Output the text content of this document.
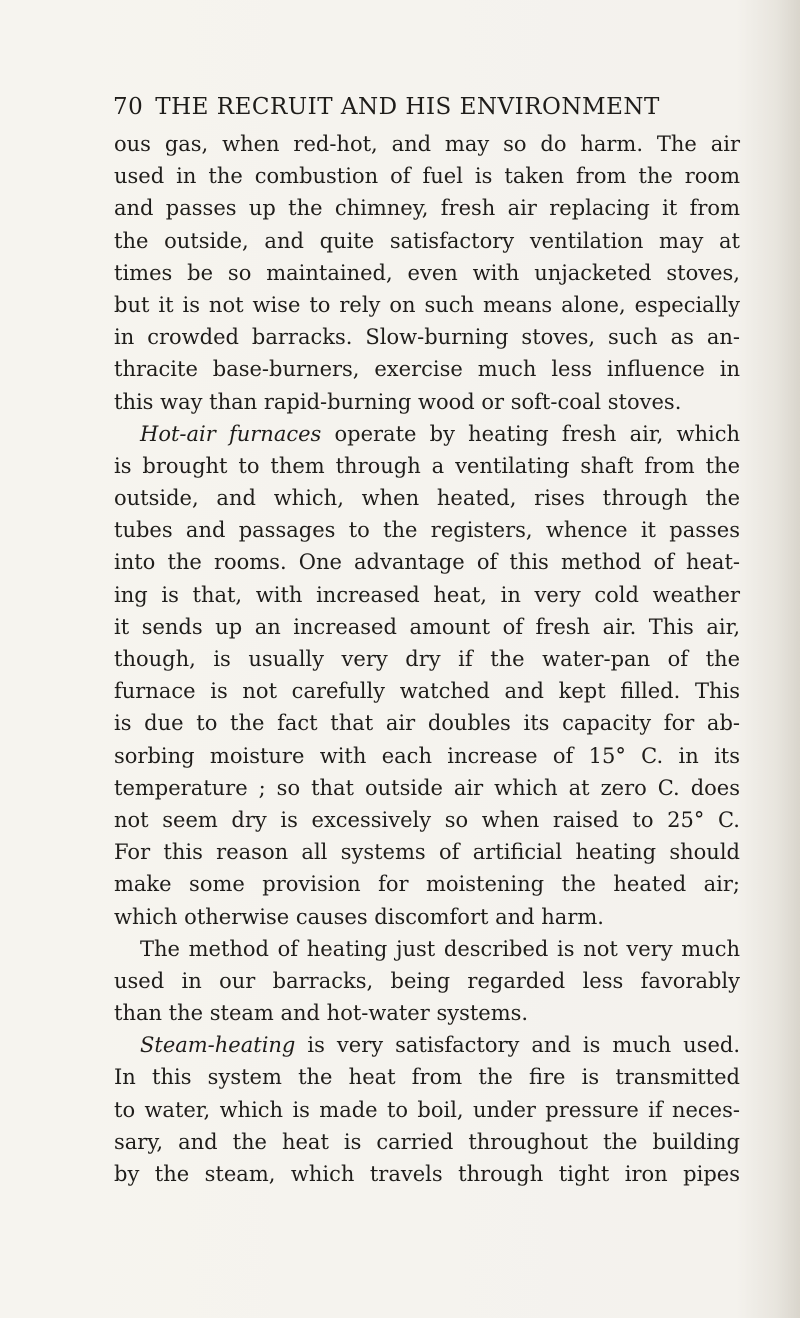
70 THE RECRUIT AND HIS ENVIRONMENT
ous gas, when red-hot, and may so do harm. The air
used in the combustion of fuel is taken from the room
and passes up the chimney, fresh air replacing it from
the outside, and quite satisfactory ventilation may at
times be so maintained, even with unjacketed stoves,
but it is not wise to rely on such means alone, especially
in crowded barracks. Slow-burning stoves, such as an-
thracite base-burners, exercise much less influence in
this way than rapid-burning wood or soft-coal stoves.
Hot-air furnaces operate by heating fresh air, which
is brought to them through a ventilating shaft from the
outside, and which, when heated, rises through the
tubes and passages to the registers, whence it passes
into the rooms. One advantage of this method of heat-
ing is that, with increased heat, in very cold weather
it sends up an increased amount of fresh air. This air,
though, is usually very dry if the water-pan of the
furnace is not carefully watched and kept filled. This
is due to the fact that air doubles its capacity for ab-
sorbing moisture with each increase of 15° C. in its
temperature ; so that outside air which at zero C. does
not seem dry is excessively so when raised to 25° C.
For this reason all systems of artificial heating should
make some provision for moistening the heated air;
which otherwise causes discomfort and harm.
The method of heating just described is not very much
used in our barracks, being regarded less favorably
than the steam and hot-water systems.
Steam-heating is very satisfactory and is much used.
In this system the heat from the fire is transmitted
to water, which is made to boil, under pressure if neces-
sary, and the heat is carried throughout the building
by the steam, which travels through tight iron pipes
